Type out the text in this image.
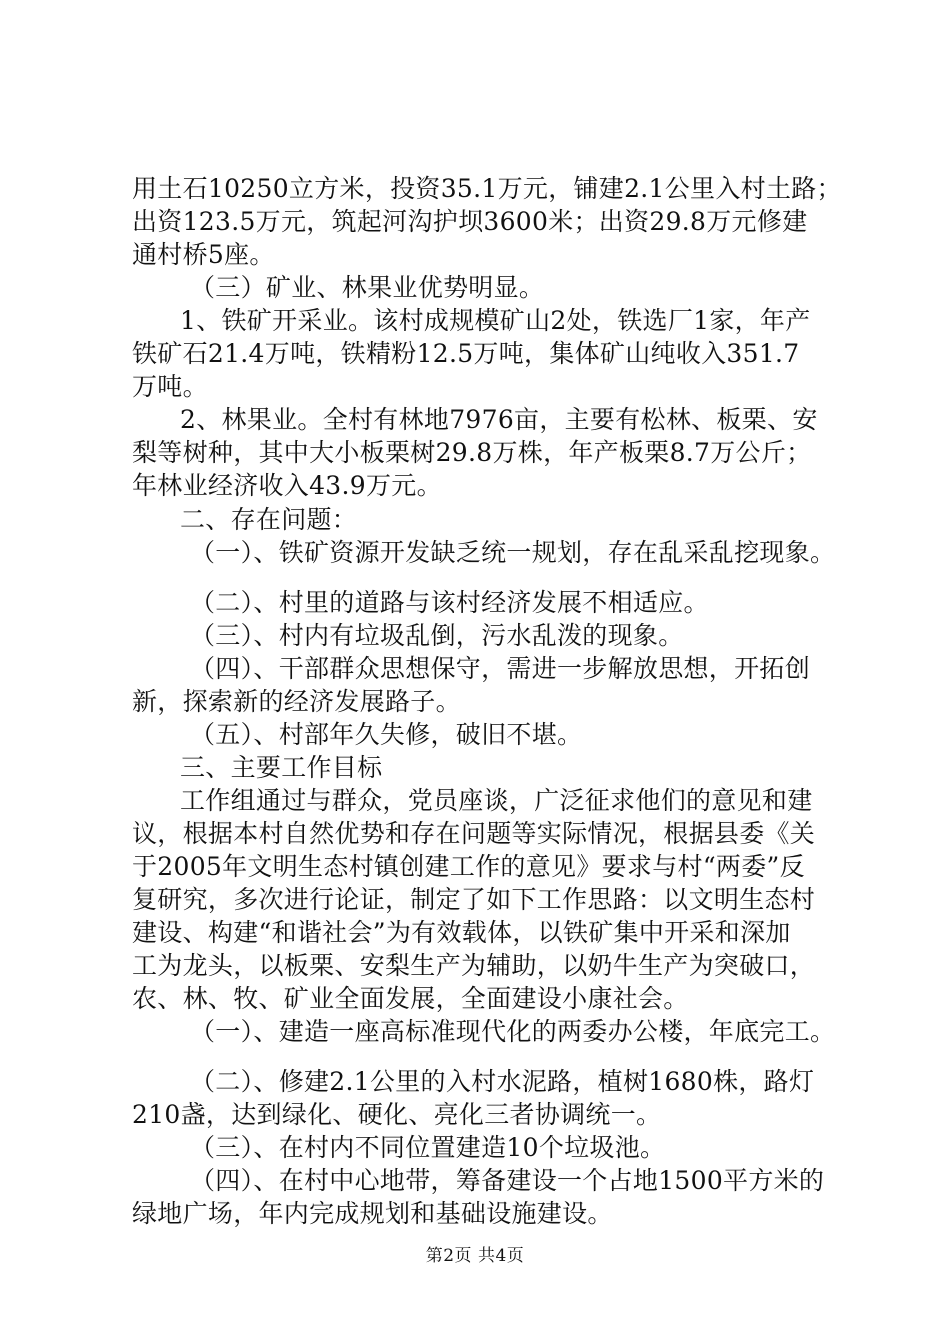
用土石10250立方米，投资35.1万元，铺建2.1公里入村土路；

出资123.5万元，筑起河沟护坝3600米；出资29.8万元修建

通村桥5座。

（三）矿业、林果业优势明显。

1、铁矿开采业。该村成规模矿山2处，铁选厂1家，年产

铁矿石21.4万吨，铁精粉12.5万吨，集体矿山纯收入351.7

万吨。

2、林果业。全村有林地7976亩，主要有松林、板栗、安

梨等树种，其中大小板栗树29.8万株，年产板栗8.7万公斤；

年林业经济收入43.9万元。

二、存在问题：

（一）、铁矿资源开发缺乏统一规划，存在乱采乱挖现象。

（二）、村里的道路与该村经济发展不相适应。

（三）、村内有垃圾乱倒，污水乱泼的现象。

（四）、干部群众思想保守，需进一步解放思想，开拓创

新，探索新的经济发展路子。

（五）、村部年久失修，破旧不堪。

三、主要工作目标

工作组通过与群众，党员座谈，广泛征求他们的意见和建

议，根据本村自然优势和存在问题等实际情况，根据县委《关

于2005年文明生态村镇创建工作的意见》要求与村“两委”反

复研究，多次进行论证，制定了如下工作思路：以文明生态村

建设、构建“和谐社会”为有效载体，以铁矿集中开采和深加

工为龙头，以板栗、安梨生产为辅助，以奶牛生产为突破口，

农、林、牧、矿业全面发展，全面建设小康社会。

（一）、建造一座高标准现代化的两委办公楼，年底完工。

（二）、修建2.1公里的入村水泥路，植树1680株，路灯

210盏，达到绿化、硬化、亮化三者协调统一。

（三）、在村内不同位置建造10个垃圾池。

（四）、在村中心地带，筹备建设一个占地1500平方米的

绿地广场，年内完成规划和基础设施建设。

第2页 共4页
